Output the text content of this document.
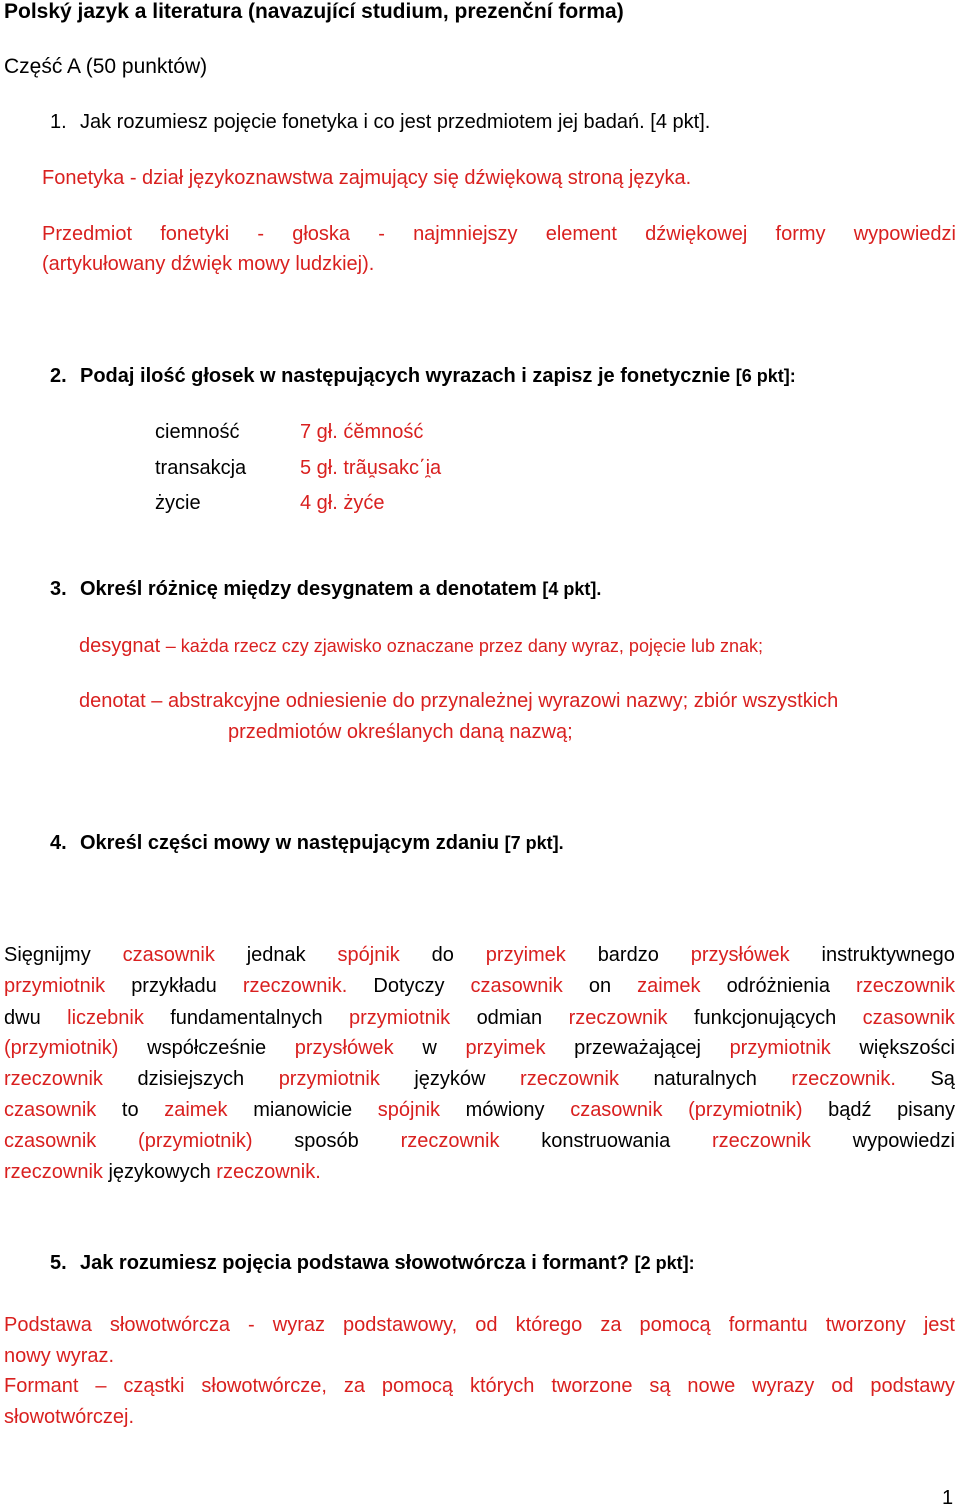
Polský jazyk a literatura (navazující studium, prezenční forma)
Część A (50 punktów)
1. Jak rozumiesz pojęcie fonetyka i co jest przedmiotem jej badań. [4 pkt].
Fonetyka - dział językoznawstwa zajmujący się dźwiękową stroną języka.
Przedmiot fonetyki - głoska - najmniejszy element dźwiękowej formy wypowiedzi
(artykułowany dźwięk mowy ludzkiej).
2. Podaj ilość głosek w następujących wyrazach i zapisz je fonetycznie [6 pkt]:
ciemność	7 gł. ćĕmność
transakcja	5 gł. trãu̯sakc΄i̯a
życie	4 gł. żyće
3. Określ różnicę między desygnatem a denotatem [4 pkt].
desygnat – każda rzecz czy zjawisko oznaczane przez dany wyraz, pojęcie lub znak;
denotat – abstrakcyjne odniesienie do przynależnej wyrazowi nazwy; zbiór wszystkich
przedmiotów określanych daną nazwą;
4. Określ części mowy w następującym zdaniu [7 pkt].
Sięgnijmy czasownik jednak spójnik do przyimek bardzo przysłówek instruktywnego
przymiotnik przykładu rzeczownik. Dotyczy czasownik on zaimek odróżnienia rzeczownik
dwu liczebnik fundamentalnych przymiotnik odmian rzeczownik funkcjonujących czasownik
(przymiotnik) współcześnie przysłówek w przyimek przeważającej przymiotnik większości
rzeczownik dzisiejszych przymiotnik języków rzeczownik naturalnych rzeczownik. Są
czasownik to zaimek mianowicie spójnik mówiony czasownik (przymiotnik) bądź pisany
czasownik (przymiotnik) sposób rzeczownik konstruowania rzeczownik wypowiedzi
rzeczownik językowych rzeczownik.
5. Jak rozumiesz pojęcia podstawa słowotwórcza i formant? [2 pkt]:
Podstawa słowotwórcza - wyraz podstawowy, od którego za pomocą formantu tworzony jest
nowy wyraz.
Formant – cząstki słowotwórcze, za pomocą których tworzone są nowe wyrazy od podstawy
słowotwórczej.
1
